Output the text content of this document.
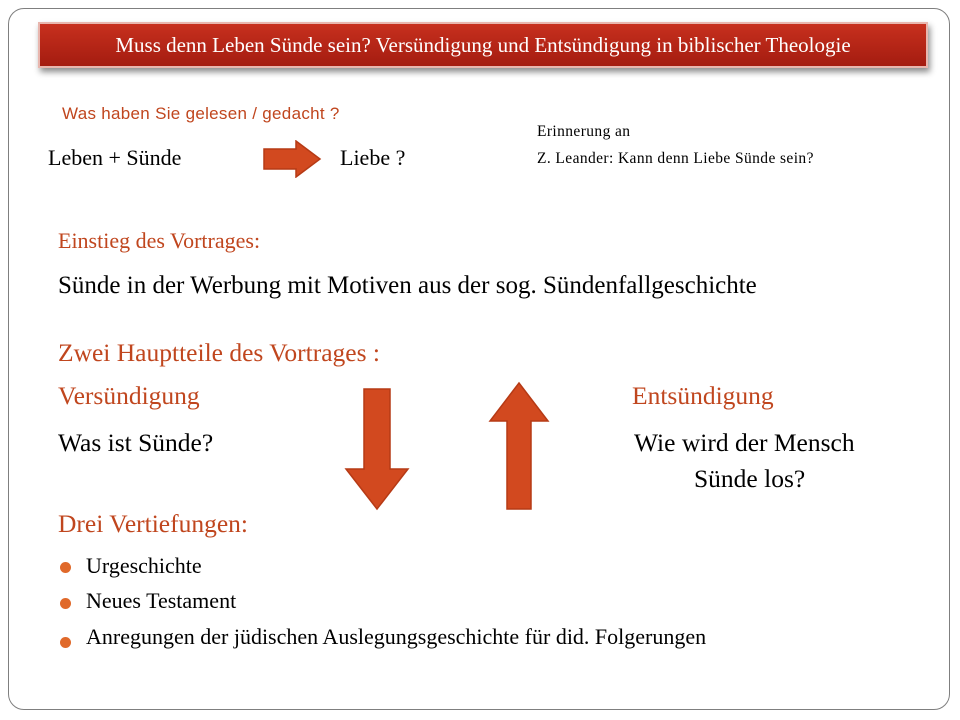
Muss denn Leben Sünde sein? Versündigung und Entsündigung in biblischer Theologie
Was haben Sie gelesen / gedacht ?
Leben + Sünde	Liebe ?
Erinnerung an
Z. Leander: Kann denn Liebe Sünde sein?
Einstieg des Vortrages:
Sünde in der Werbung mit Motiven aus der sog. Sündenfallgeschichte
Zwei Hauptteile des Vortrages :
Versündigung	Entsündigung
Was ist Sünde?	Wie wird der Mensch
Sünde los?
Drei Vertiefungen:
Urgeschichte
Neues Testament
Anregungen der jüdischen Auslegungsgeschichte für did. Folgerungen
